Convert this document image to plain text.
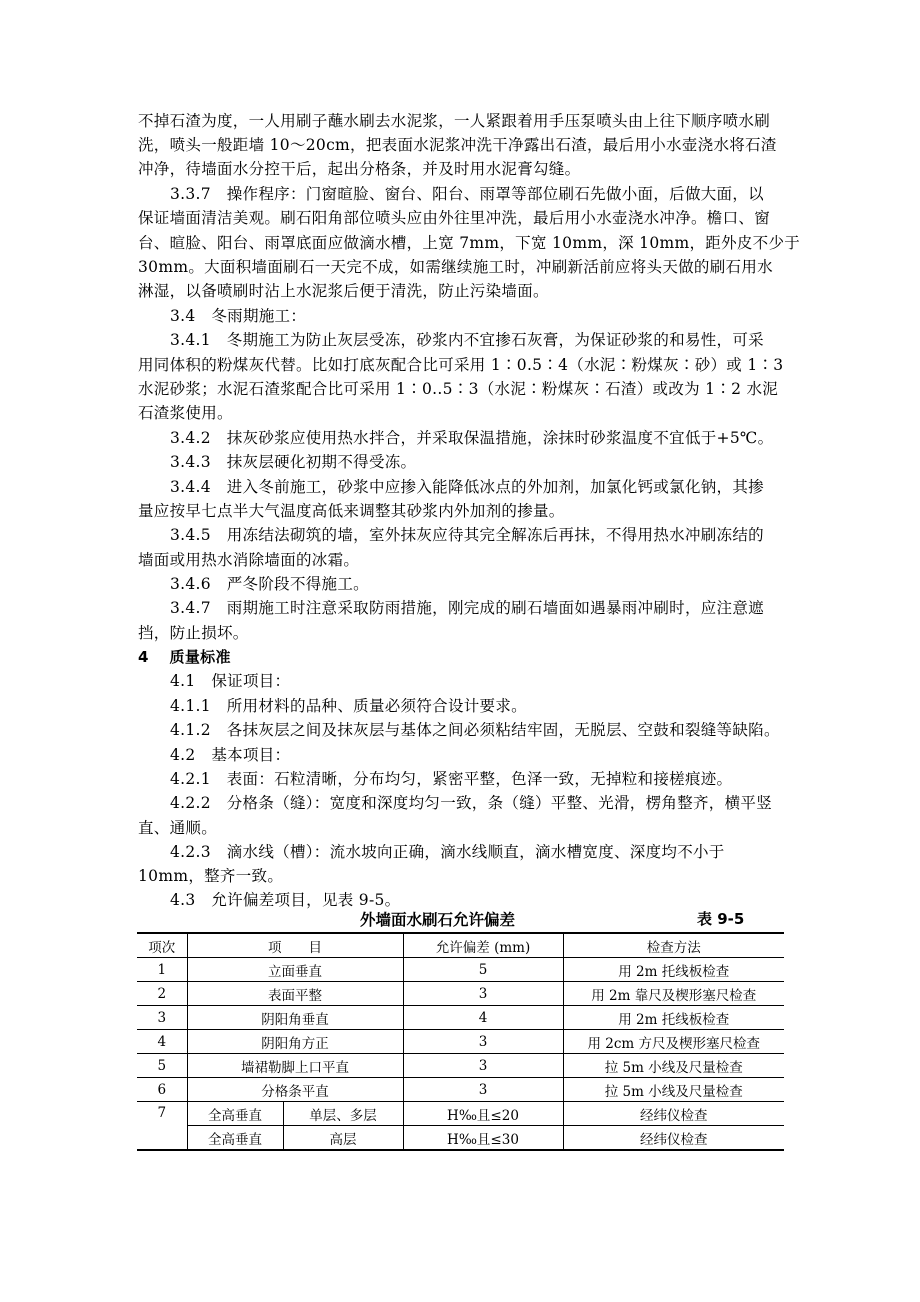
不掉石渣为度，一人用刷子蘸水刷去水泥浆，一人紧跟着用手压泵喷头由上往下顺序喷水刷
洗，喷头一般距墙 10～20cm，把表面水泥浆冲洗干净露出石渣，最后用小水壶浇水将石渣
冲净，待墙面水分控干后，起出分格条，并及时用水泥膏勾缝。
3.3.7　操作程序：门窗暄脸、窗台、阳台、雨罩等部位刷石先做小面，后做大面，以
保证墙面清洁美观。刷石阳角部位喷头应由外往里冲洗，最后用小水壶浇水冲净。檐口、窗
台、暄脸、阳台、雨罩底面应做滴水槽，上宽 7mm，下宽 10mm，深 10mm，距外皮不少于
30mm。大面积墙面刷石一天完不成，如需继续施工时，冲刷新活前应将头天做的刷石用水
淋湿，以备喷刷时沾上水泥浆后便于清洗，防止污染墙面。
3.4　冬雨期施工：
3.4.1　冬期施工为防止灰层受冻，砂浆内不宜掺石灰膏，为保证砂浆的和易性，可采
用同体积的粉煤灰代替。比如打底灰配合比可采用 1∶0.5∶4（水泥∶粉煤灰∶砂）或 1∶3
水泥砂浆；水泥石渣浆配合比可采用 1∶0..5∶3（水泥∶粉煤灰∶石渣）或改为 1∶2 水泥
石渣浆使用。
3.4.2　抹灰砂浆应使用热水拌合，并采取保温措施，涂抹时砂浆温度不宜低于+5℃。
3.4.3　抹灰层硬化初期不得受冻。
3.4.4　进入冬前施工，砂浆中应掺入能降低冰点的外加剂，加氯化钙或氯化钠，其掺
量应按早七点半大气温度高低来调整其砂浆内外加剂的掺量。
3.4.5　用冻结法砌筑的墙，室外抹灰应待其完全解冻后再抹，不得用热水冲刷冻结的
墙面或用热水消除墙面的冰霜。
3.4.6　严冬阶段不得施工。
3.4.7　雨期施工时注意采取防雨措施，刚完成的刷石墙面如遇暴雨冲刷时，应注意遮
挡，防止损坏。
4　 质量标准
4.1　保证项目：
4.1.1　所用材料的品种、质量必须符合设计要求。
4.1.2　各抹灰层之间及抹灰层与基体之间必须粘结牢固，无脱层、空鼓和裂缝等缺陷。
4.2　基本项目：
4.2.1　表面：石粒清晰，分布均匀，紧密平整，色泽一致，无掉粒和接槎痕迹。
4.2.2　分格条（缝）：宽度和深度均匀一致，条（缝）平整、光滑，楞角整齐，横平竖
直、通顺。
4.2.3　滴水线（槽）：流水坡向正确，滴水线顺直，滴水槽宽度、深度均不小于
10mm，整齐一致。
4.3　允许偏差项目，见表 9-5。
外墙面水刷石允许偏差	表 9-5
项次	项　　目		允许偏差 (mm)	检查方法
1	立面垂直		5	用 2m 托线板检查
2	表面平整		3	用 2m 靠尺及楔形塞尺检查
3	阴阳角垂直		4	用 2m 托线板检查
4	阴阳角方正		3	用 2cm 方尺及楔形塞尺检查
5	墙裙勒脚上口平直		3	拉 5m 小线及尺量检查
6	分格条平直		3	拉 5m 小线及尺量检查
7	全高垂直	单层、多层	H‰且≤20	经纬仪检查
	全高垂直	高层	H‰且≤30	经纬仪检查
